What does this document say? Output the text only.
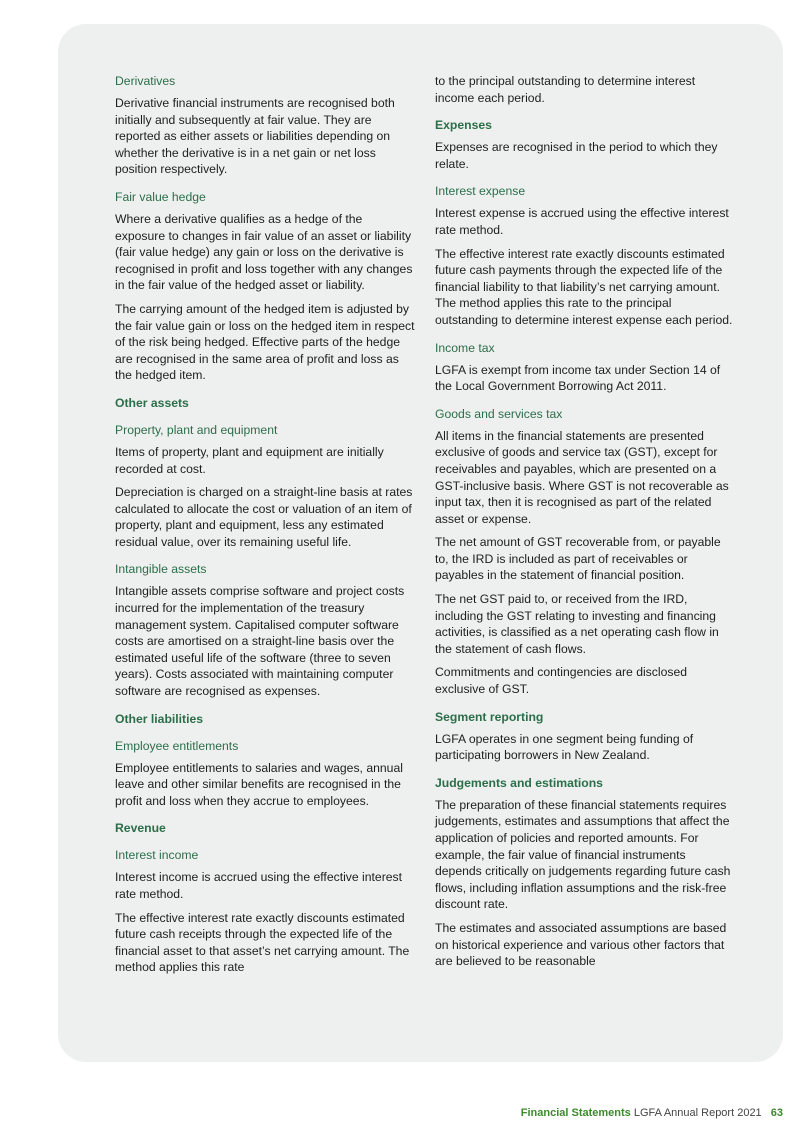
Derivatives

Derivative financial instruments are recognised both initially and subsequently at fair value. They are reported as either assets or liabilities depending on whether the derivative is in a net gain or net loss position respectively.

Fair value hedge

Where a derivative qualifies as a hedge of the exposure to changes in fair value of an asset or liability (fair value hedge) any gain or loss on the derivative is recognised in profit and loss together with any changes in the fair value of the hedged asset or liability.

The carrying amount of the hedged item is adjusted by the fair value gain or loss on the hedged item in respect of the risk being hedged. Effective parts of the hedge are recognised in the same area of profit and loss as the hedged item.

Other assets
Property, plant and equipment

Items of property, plant and equipment are initially recorded at cost.

Depreciation is charged on a straight-line basis at rates calculated to allocate the cost or valuation of an item of property, plant and equipment, less any estimated residual value, over its remaining useful life.

Intangible assets

Intangible assets comprise software and project costs incurred for the implementation of the treasury management system. Capitalised computer software costs are amortised on a straight-line basis over the estimated useful life of the software (three to seven years). Costs associated with maintaining computer software are recognised as expenses.

Other liabilities
Employee entitlements

Employee entitlements to salaries and wages, annual leave and other similar benefits are recognised in the profit and loss when they accrue to employees.

Revenue
Interest income

Interest income is accrued using the effective interest rate method.

The effective interest rate exactly discounts estimated future cash receipts through the expected life of the financial asset to that asset’s net carrying amount. The method applies this rate

to the principal outstanding to determine interest income each period.

Expenses

Expenses are recognised in the period to which they relate.

Interest expense

Interest expense is accrued using the effective interest rate method.

The effective interest rate exactly discounts estimated future cash payments through the expected life of the financial liability to that liability’s net carrying amount. The method applies this rate to the principal outstanding to determine interest expense each period.

Income tax

LGFA is exempt from income tax under Section 14 of the Local Government Borrowing Act 2011.

Goods and services tax

All items in the financial statements are presented exclusive of goods and service tax (GST), except for receivables and payables, which are presented on a GST-inclusive basis. Where GST is not recoverable as input tax, then it is recognised as part of the related asset or expense.

The net amount of GST recoverable from, or payable to, the IRD is included as part of receivables or payables in the statement of financial position.

The net GST paid to, or received from the IRD, including the GST relating to investing and financing activities, is classified as a net operating cash flow in the statement of cash flows.

Commitments and contingencies are disclosed exclusive of GST.

Segment reporting

LGFA operates in one segment being funding of participating borrowers in New Zealand.

Judgements and estimations

The preparation of these financial statements requires judgements, estimates and assumptions that affect the application of policies and reported amounts. For example, the fair value of financial instruments depends critically on judgements regarding future cash flows, including inflation assumptions and the risk-free discount rate.

The estimates and associated assumptions are based on historical experience and various other factors that are believed to be reasonable

Financial Statements LGFA Annual Report 2021 63
